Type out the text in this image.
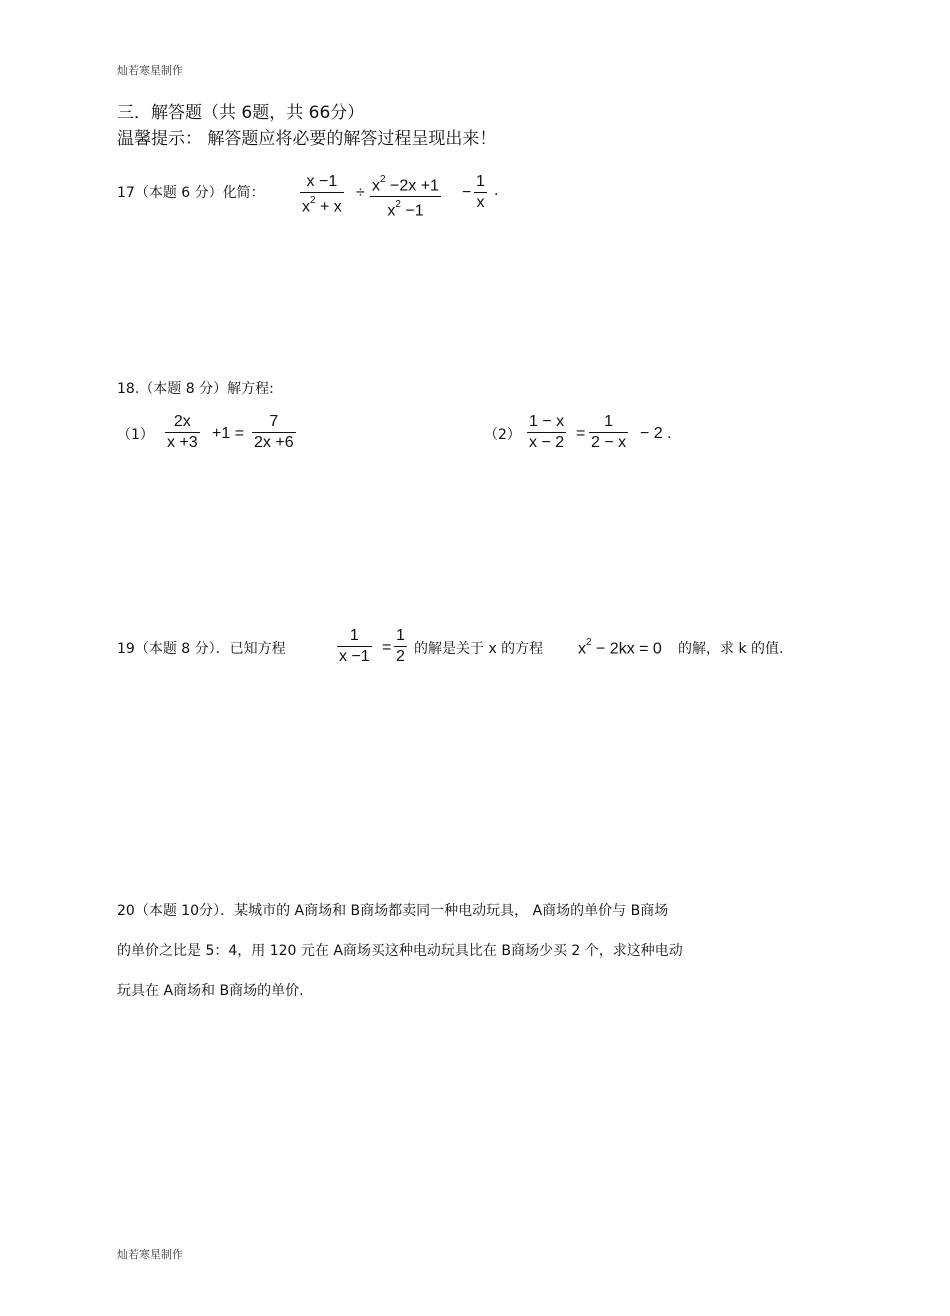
灿若寒星制作
三．解答题（共 6题，共 66分）
温馨提示： 解答题应将必要的解答过程呈现出来！
17（本题 6 分）化简：
x −1
$x^2 + x$
÷ $x^2 -2x +1$
$x^2 -1$
−
1
x
.
18.（本题 8 分）解方程:
（1）
2x
x +3
+1 =
7
2x +6	（2）
1 − x
x − 2
=
1
2 − x
− 2 .
19（本题 8 分）．已知方程
1
x −1
=
1
2 的解是关于 x 的方程 $x^2 - 2kx = 0$ 的解，求 k 的值.
20（本题 10分）．某城市的 A商场和 B商场都卖同一种电动玩具， A商场的单价与 B商场
的单价之比是 5：4，用 120 元在 A商场买这种电动玩具比在 B商场少买 2 个，求这种电动
玩具在 A商场和 B商场的单价.
灿若寒星制作
